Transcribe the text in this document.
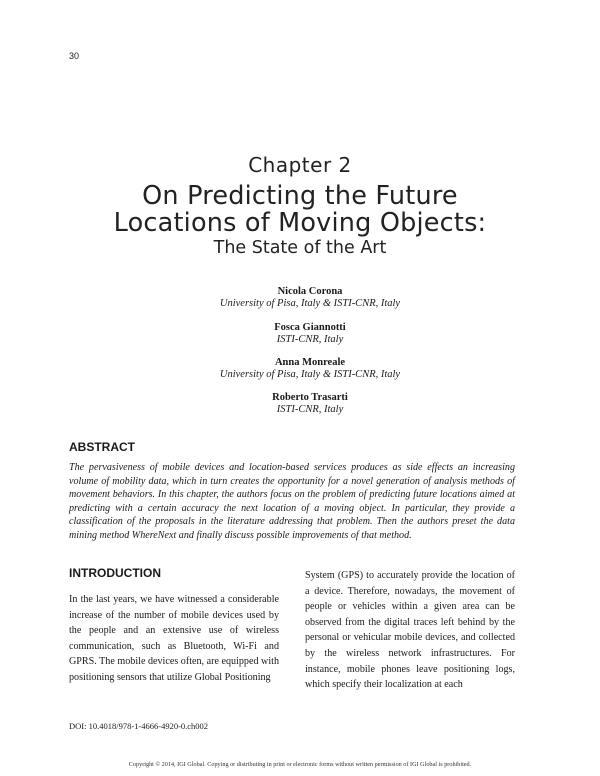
30
Chapter 2
On Predicting the Future
Locations of Moving Objects:
The State of the Art
Nicola Corona
University of Pisa, Italy & ISTI-CNR, Italy
Fosca Giannotti
ISTI-CNR, Italy
Anna Monreale
University of Pisa, Italy & ISTI-CNR, Italy
Roberto Trasarti
ISTI-CNR, Italy
ABSTRACT
The pervasiveness of mobile devices and location-based services produces as side effects an increasing volume of mobility data, which in turn creates the opportunity for a novel generation of analysis methods of movement behaviors. In this chapter, the authors focus on the problem of predicting future locations aimed at predicting with a certain accuracy the next location of a moving object. In particular, they provide a classification of the proposals in the literature addressing that problem. Then the authors preset the data mining method WhereNext and finally discuss possible improvements of that method.
INTRODUCTION
In the last years, we have witnessed a considerable increase of the number of mobile devices used by the people and an extensive use of wireless communication, such as Bluetooth, Wi-Fi and GPRS. The mobile devices often, are equipped with positioning sensors that utilize Global Positioning
System (GPS) to accurately provide the location of a device. Therefore, nowadays, the movement of people or vehicles within a given area can be observed from the digital traces left behind by the personal or vehicular mobile devices, and collected by the wireless network infrastructures. For instance, mobile phones leave positioning logs, which specify their localization at each
DOI: 10.4018/978-1-4666-4920-0.ch002
Copyright © 2014, IGI Global. Copying or distributing in print or electronic forms without written permission of IGI Global is prohibited.
